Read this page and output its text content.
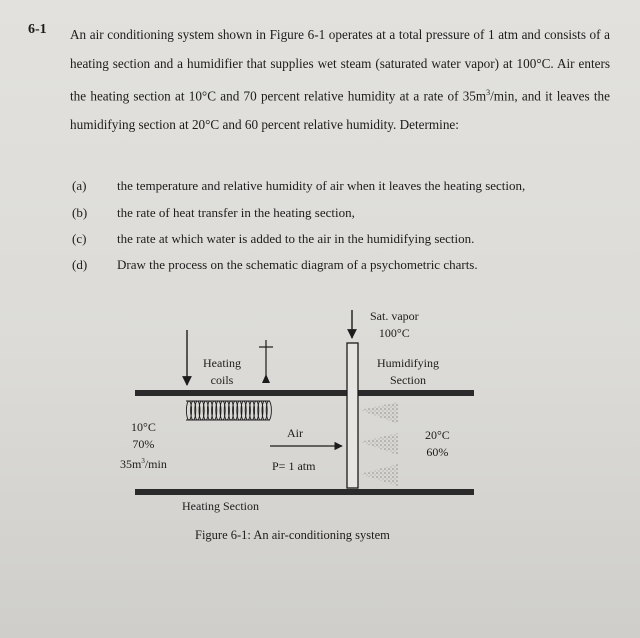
6-1 An air conditioning system shown in Figure 6-1 operates at a total pressure of 1 atm and consists of a heating section and a humidifier that supplies wet steam (saturated water vapor) at 100°C. Air enters the heating section at 10°C and 70 percent relative humidity at a rate of $35m^3/\min$, and it leaves the humidifying section at 20°C and 60 percent relative humidity. Determine:
(a) the temperature and relative humidity of air when it leaves the heating section,
(b) the rate of heat transfer in the heating section,
(c) the rate at which water is added to the air in the humidifying section.
(d) Draw the process on the schematic diagram of a psychometric charts.
Sat. vapor
100°C
Heating
coils
Humidifying
Section
10°C
70%
$35m^3/\min$
Air
P= 1 atm
20°C
60%
Heating Section
Figure 6-1: An air-conditioning system
